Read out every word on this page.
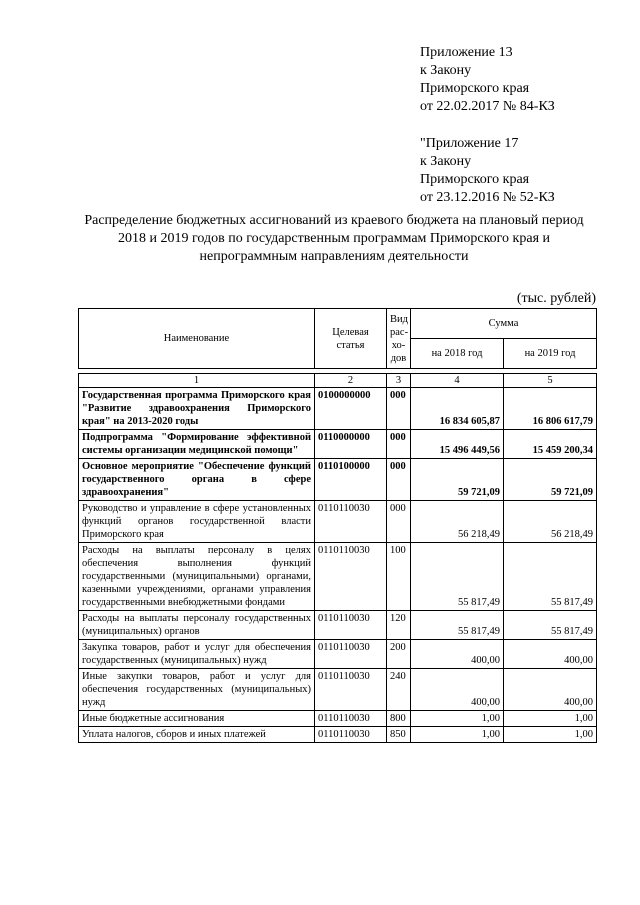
Приложение 13
к Закону
Приморского края
от 22.02.2017 № 84-КЗ
"Приложение 17
к Закону
Приморского края
от 23.12.2016 № 52-КЗ
Распределение бюджетных ассигнований из краевого бюджета на плановый период 2018 и 2019 годов по государственным программам Приморского края и непрограммным направлениям деятельности
(тыс. рублей)
Наименование	Целевая статья	Вид рас-хо-дов	Сумма	
			на 2018 год	на 2019 год

1	2	3	4	5
Государственная программа Приморского края "Развитие здравоохранения Приморского края" на 2013-2020 годы	0100000000	000	16 834 605,87	16 806 617,79
Подпрограмма "Формирование эффективной системы организации медицинской помощи"	0110000000	000	15 496 449,56	15 459 200,34
Основное мероприятие "Обеспечение функций государственного органа в сфере здравоохранения"	0110100000	000	59 721,09	59 721,09
Руководство и управление в сфере установленных функций органов государственной власти Приморского края	0110110030	000	56 218,49	56 218,49
Расходы на выплаты персоналу в целях обеспечения выполнения функций государственными (муниципальными) органами, казенными учреждениями, органами управления государственными внебюджетными фондами	0110110030	100	55 817,49	55 817,49
Расходы на выплаты персоналу государственных (муниципальных) органов	0110110030	120	55 817,49	55 817,49
Закупка товаров, работ и услуг для обеспечения государственных (муниципальных) нужд	0110110030	200	400,00	400,00
Иные закупки товаров, работ и услуг для обеспечения государственных (муниципальных) нужд	0110110030	240	400,00	400,00
Иные бюджетные ассигнования	0110110030	800	1,00	1,00
Уплата налогов, сборов и иных платежей	0110110030	850	1,00	1,00
